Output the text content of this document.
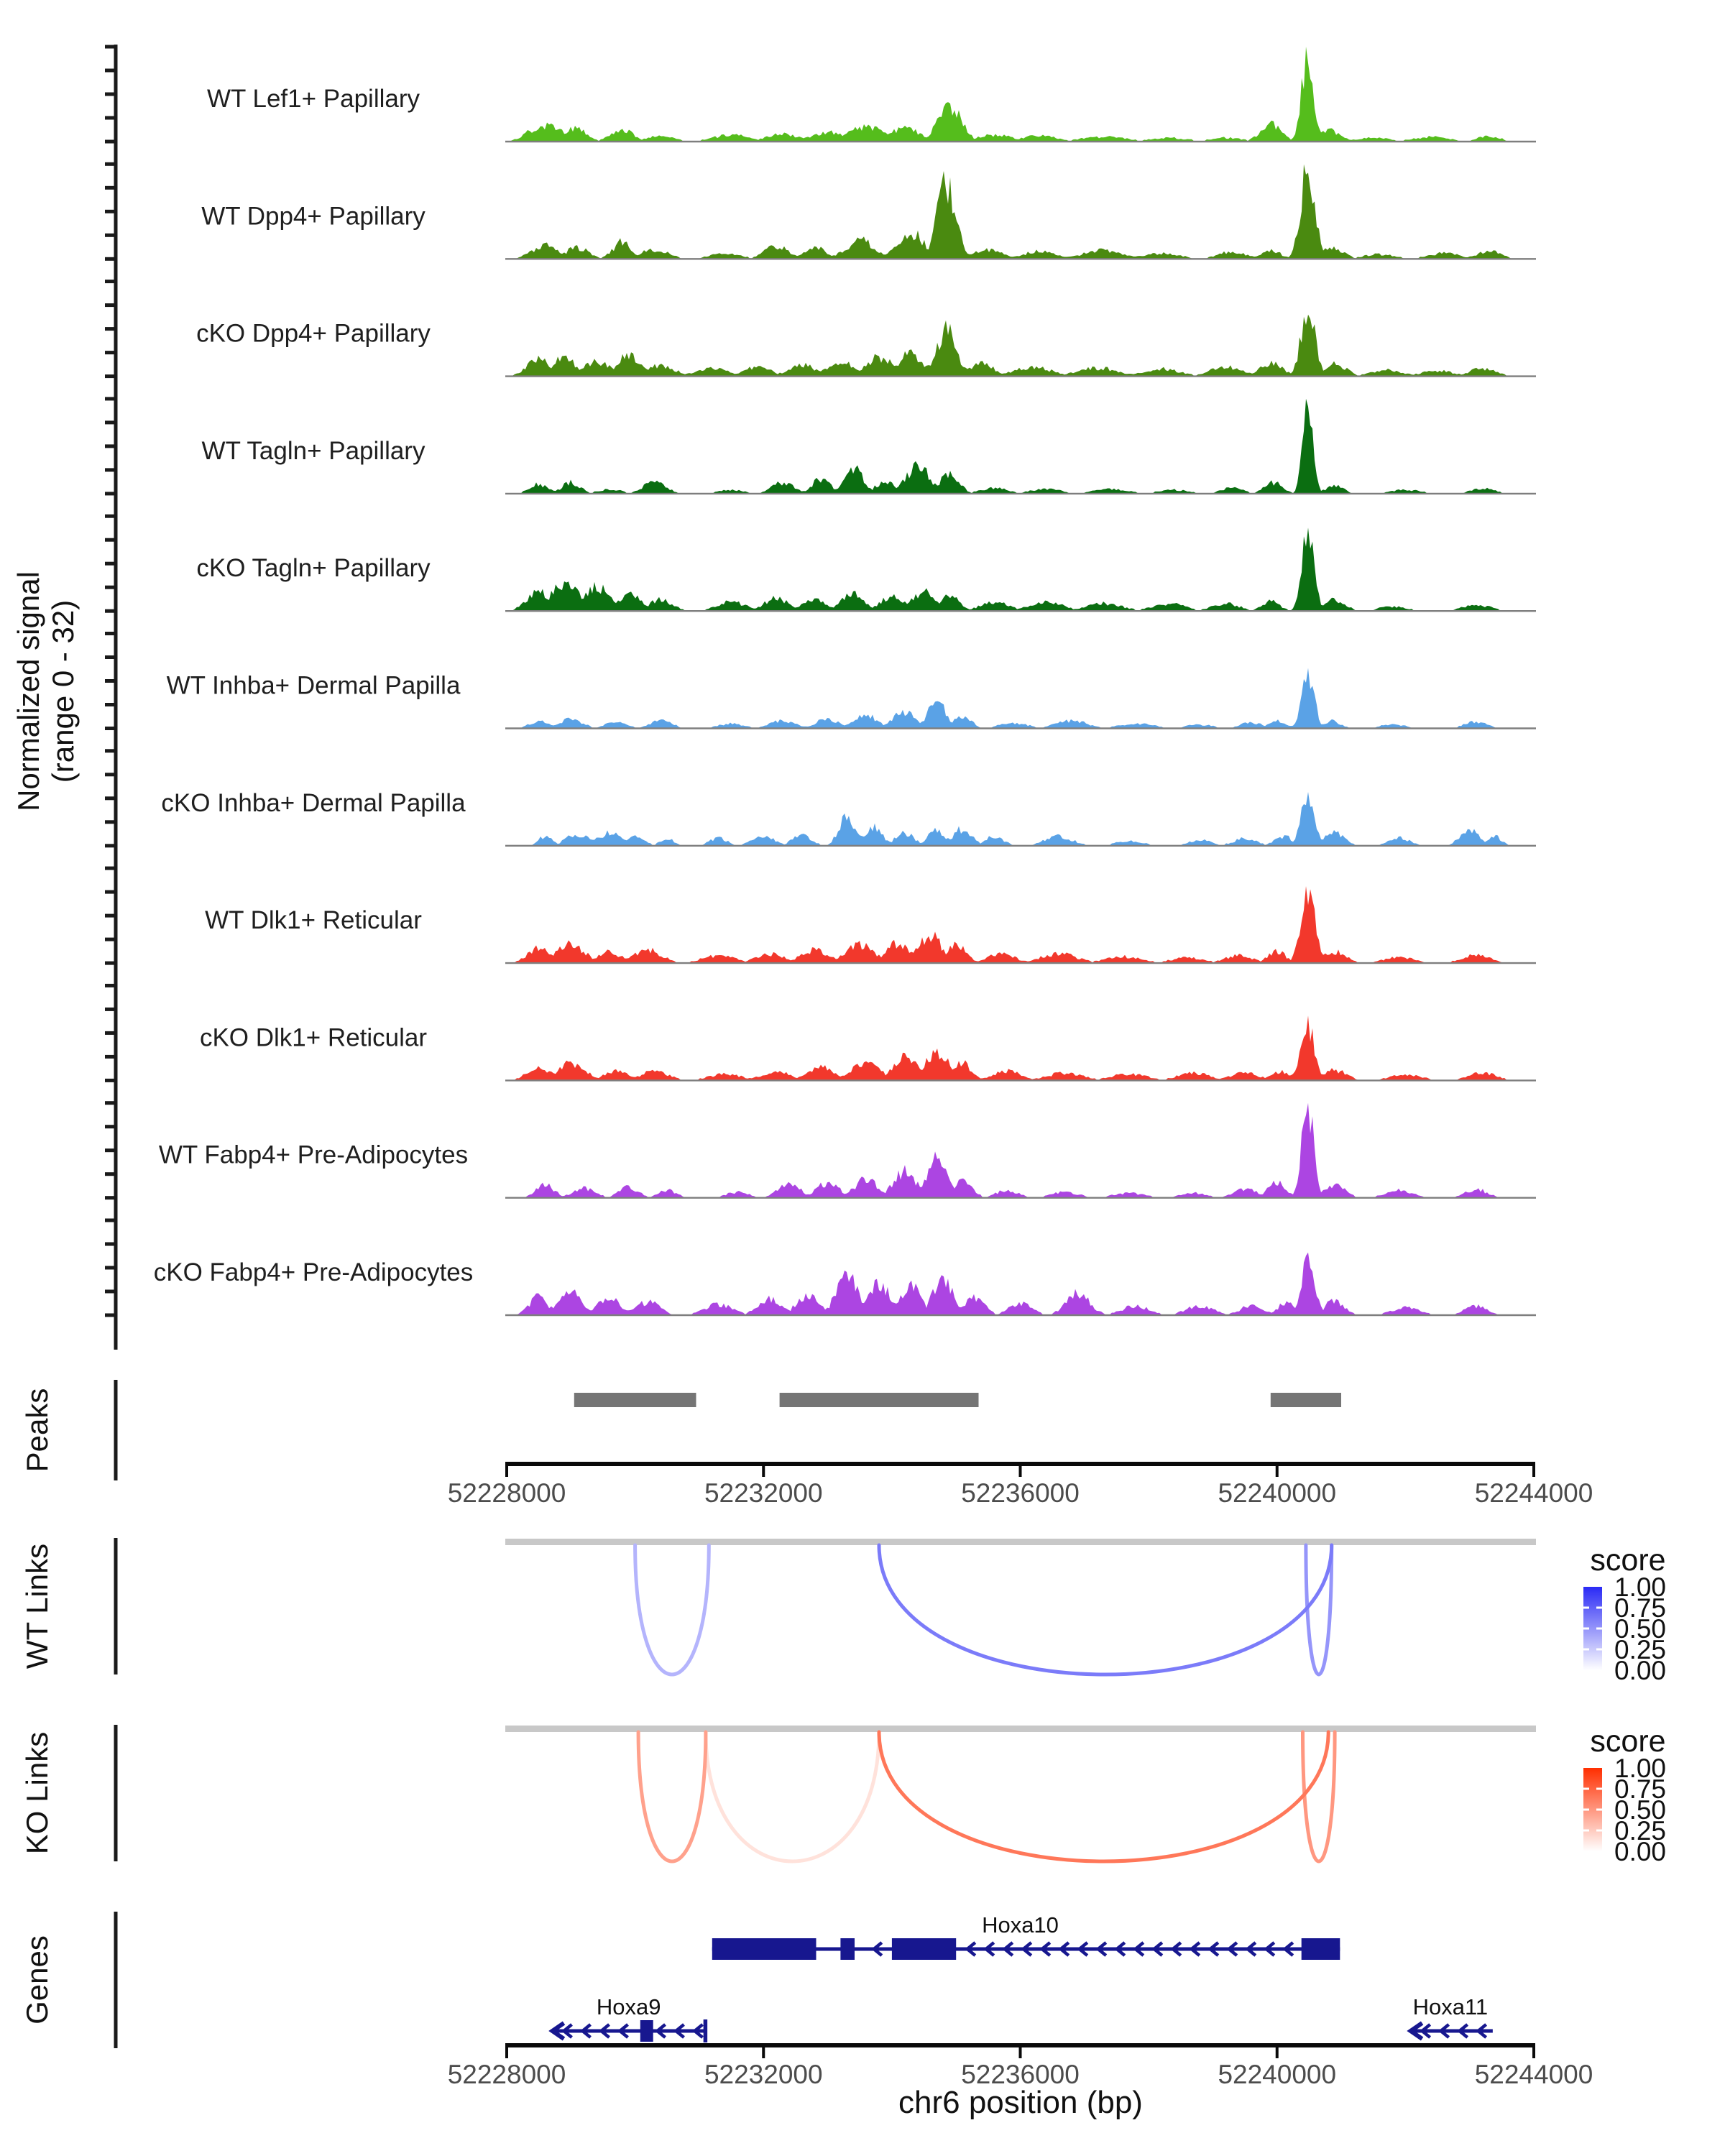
Normalized signal (range 0 - 32)
Peaks
WT Links
KO Links
Genes
WT Lef1+ Papillary
WT Dpp4+ Papillary
cKO Dpp4+ Papillary
WT Tagln+ Papillary
cKO Tagln+ Papillary
WT Inhba+ Dermal Papilla
cKO Inhba+ Dermal Papilla
WT Dlk1+ Reticular
cKO Dlk1+ Reticular
WT Fabp4+ Pre-Adipocytes
cKO Fabp4+ Pre-Adipocytes
52228000	52232000	52236000	52240000	52244000
Hoxa10
Hoxa9	Hoxa11
52228000	52232000	52236000	52240000	52244000
1.00
0.75
0.50
0.25
0.00
1.00
0.75
0.50
0.25
0.00
score
score
chr6 position (bp)
